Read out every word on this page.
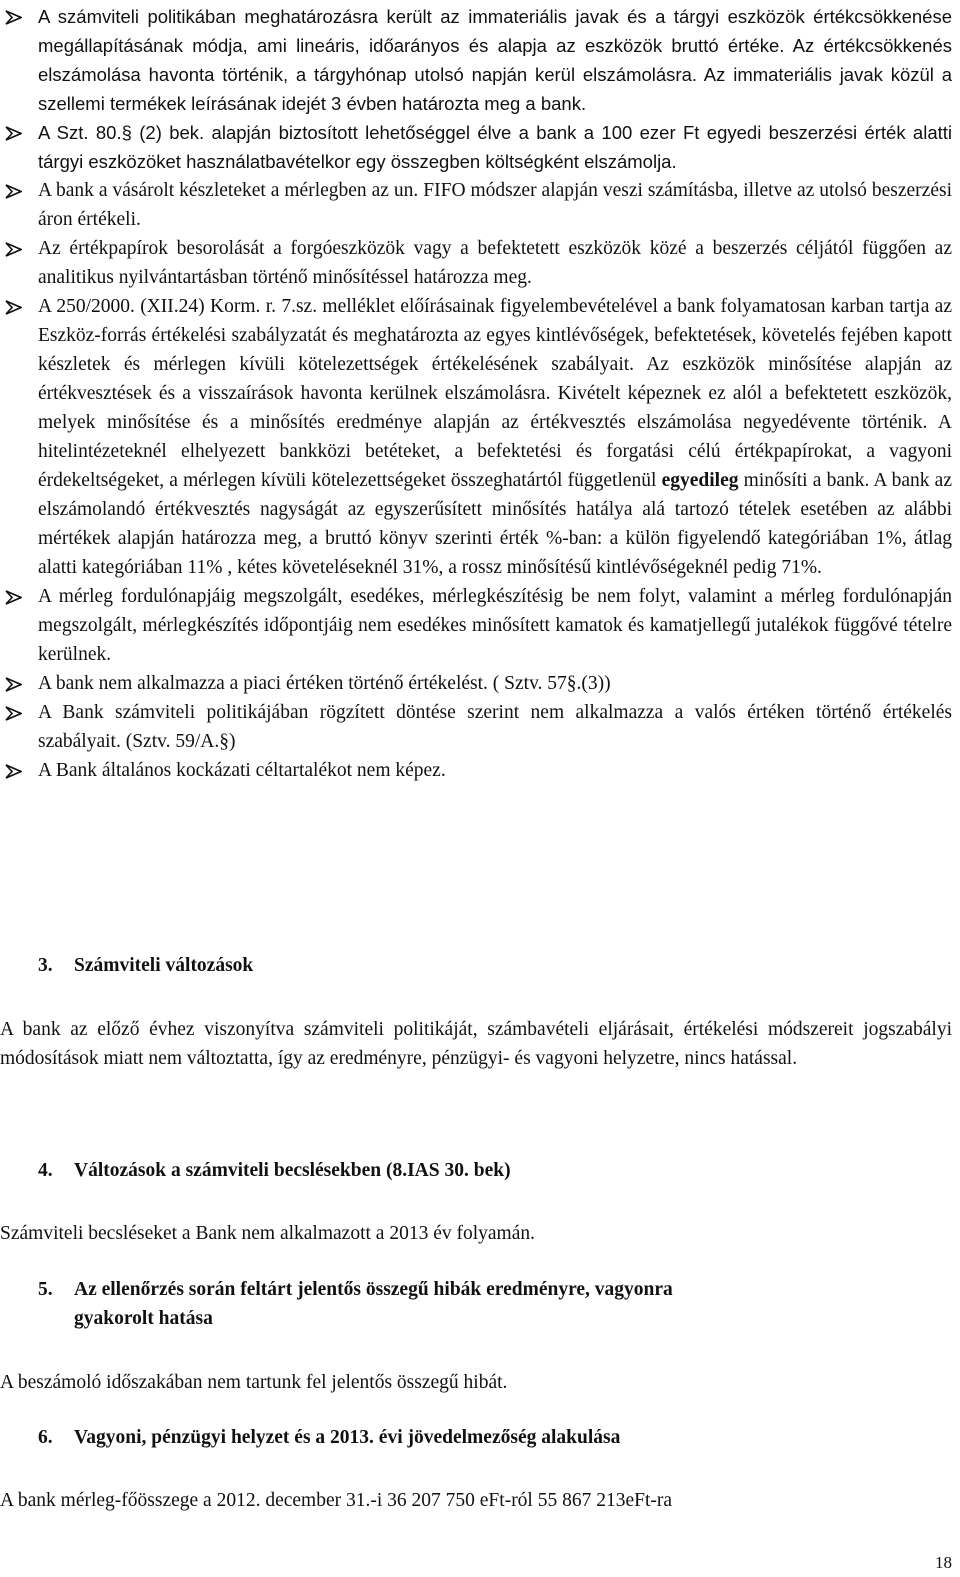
A számviteli politikában meghatározásra került az immateriális javak és a tárgyi eszközök értékcsökkenése megállapításának módja, ami lineáris, időarányos és alapja az eszközök bruttó értéke. Az értékcsökkenés elszámolása havonta történik, a tárgyhónap utolsó napján kerül elszámolásra. Az immateriális javak közül a szellemi termékek leírásának idejét 3 évben határozta meg a bank.
A Szt. 80.§ (2) bek. alapján biztosított lehetőséggel élve a bank a 100 ezer Ft egyedi beszerzési érték alatti tárgyi eszközöket használatbavételkor egy összegben költségként elszámolja.
A bank a vásárolt készleteket a mérlegben az un. FIFO módszer alapján veszi számításba, illetve az utolsó beszerzési áron értékeli.
Az értékpapírok besorolását a forgóeszközök vagy a befektetett eszközök közé a beszerzés céljától függően az analitikus nyilvántartásban történő minősítéssel határozza meg.
A 250/2000. (XII.24) Korm. r. 7.sz. melléklet előírásainak figyelembevételével a bank folyamatosan karban tartja az Eszköz-forrás értékelési szabályzatát és meghatározta az egyes kintlévőségek, befektetések, követelés fejében kapott készletek és mérlegen kívüli kötelezettségek értékelésének szabályait. Az eszközök minősítése alapján az értékvesztések és a visszaírások havonta kerülnek elszámolásra. Kivételt képeznek ez alól a befektetett eszközök, melyek minősítése és a minősítés eredménye alapján az értékvesztés elszámolása negyedévente történik. A hitelintézeteknél elhelyezett bankközi betéteket, a befektetési és forgatási célú értékpapírokat, a vagyoni érdekeltségeket, a mérlegen kívüli kötelezettségeket összeghatártól függetlenül egyedileg minősíti a bank. A bank az elszámolandó értékvesztés nagyságát az egyszerűsített minősítés hatálya alá tartozó tételek esetében az alábbi mértékek alapján határozza meg, a bruttó könyv szerinti érték %-ban: a külön figyelendő kategóriában 1%, átlag alatti kategóriában 11% , kétes követeléseknél 31%, a rossz minősítésű kintlévőségeknél pedig 71%.
A mérleg fordulónapjáig megszolgált, esedékes, mérlegkészítésig be nem folyt, valamint a mérleg fordulónapján megszolgált, mérlegkészítés időpontjáig nem esedékes minősített kamatok és kamatjellegű jutalékok függővé tételre kerülnek.
A bank nem alkalmazza a piaci értéken történő értékelést. ( Sztv. 57§.(3))
A Bank számviteli politikájában rögzített döntése szerint nem alkalmazza a valós értéken történő értékelés szabályait. (Sztv. 59/A.§)
A Bank általános kockázati céltartalékot nem képez.
3. Számviteli változások
A bank az előző évhez viszonyítva számviteli politikáját, számbavételi eljárásait, értékelési módszereit jogszabályi módosítások miatt nem változtatta, így az eredményre, pénzügyi- és vagyoni helyzetre, nincs hatással.
4. Változások a számviteli becslésekben (8.IAS 30. bek)
Számviteli becsléseket a Bank nem alkalmazott a 2013 év folyamán.
5. Az ellenőrzés során feltárt jelentős összegű hibák eredményre, vagyonra
gyakorolt hatása
A beszámoló időszakában nem tartunk fel jelentős összegű hibát.
6. Vagyoni, pénzügyi helyzet és a 2013. évi jövedelmezőség alakulása
A bank mérleg-főösszege a 2012. december 31.-i 36 207 750 eFt-ról 55 867 213eFt-ra
18
